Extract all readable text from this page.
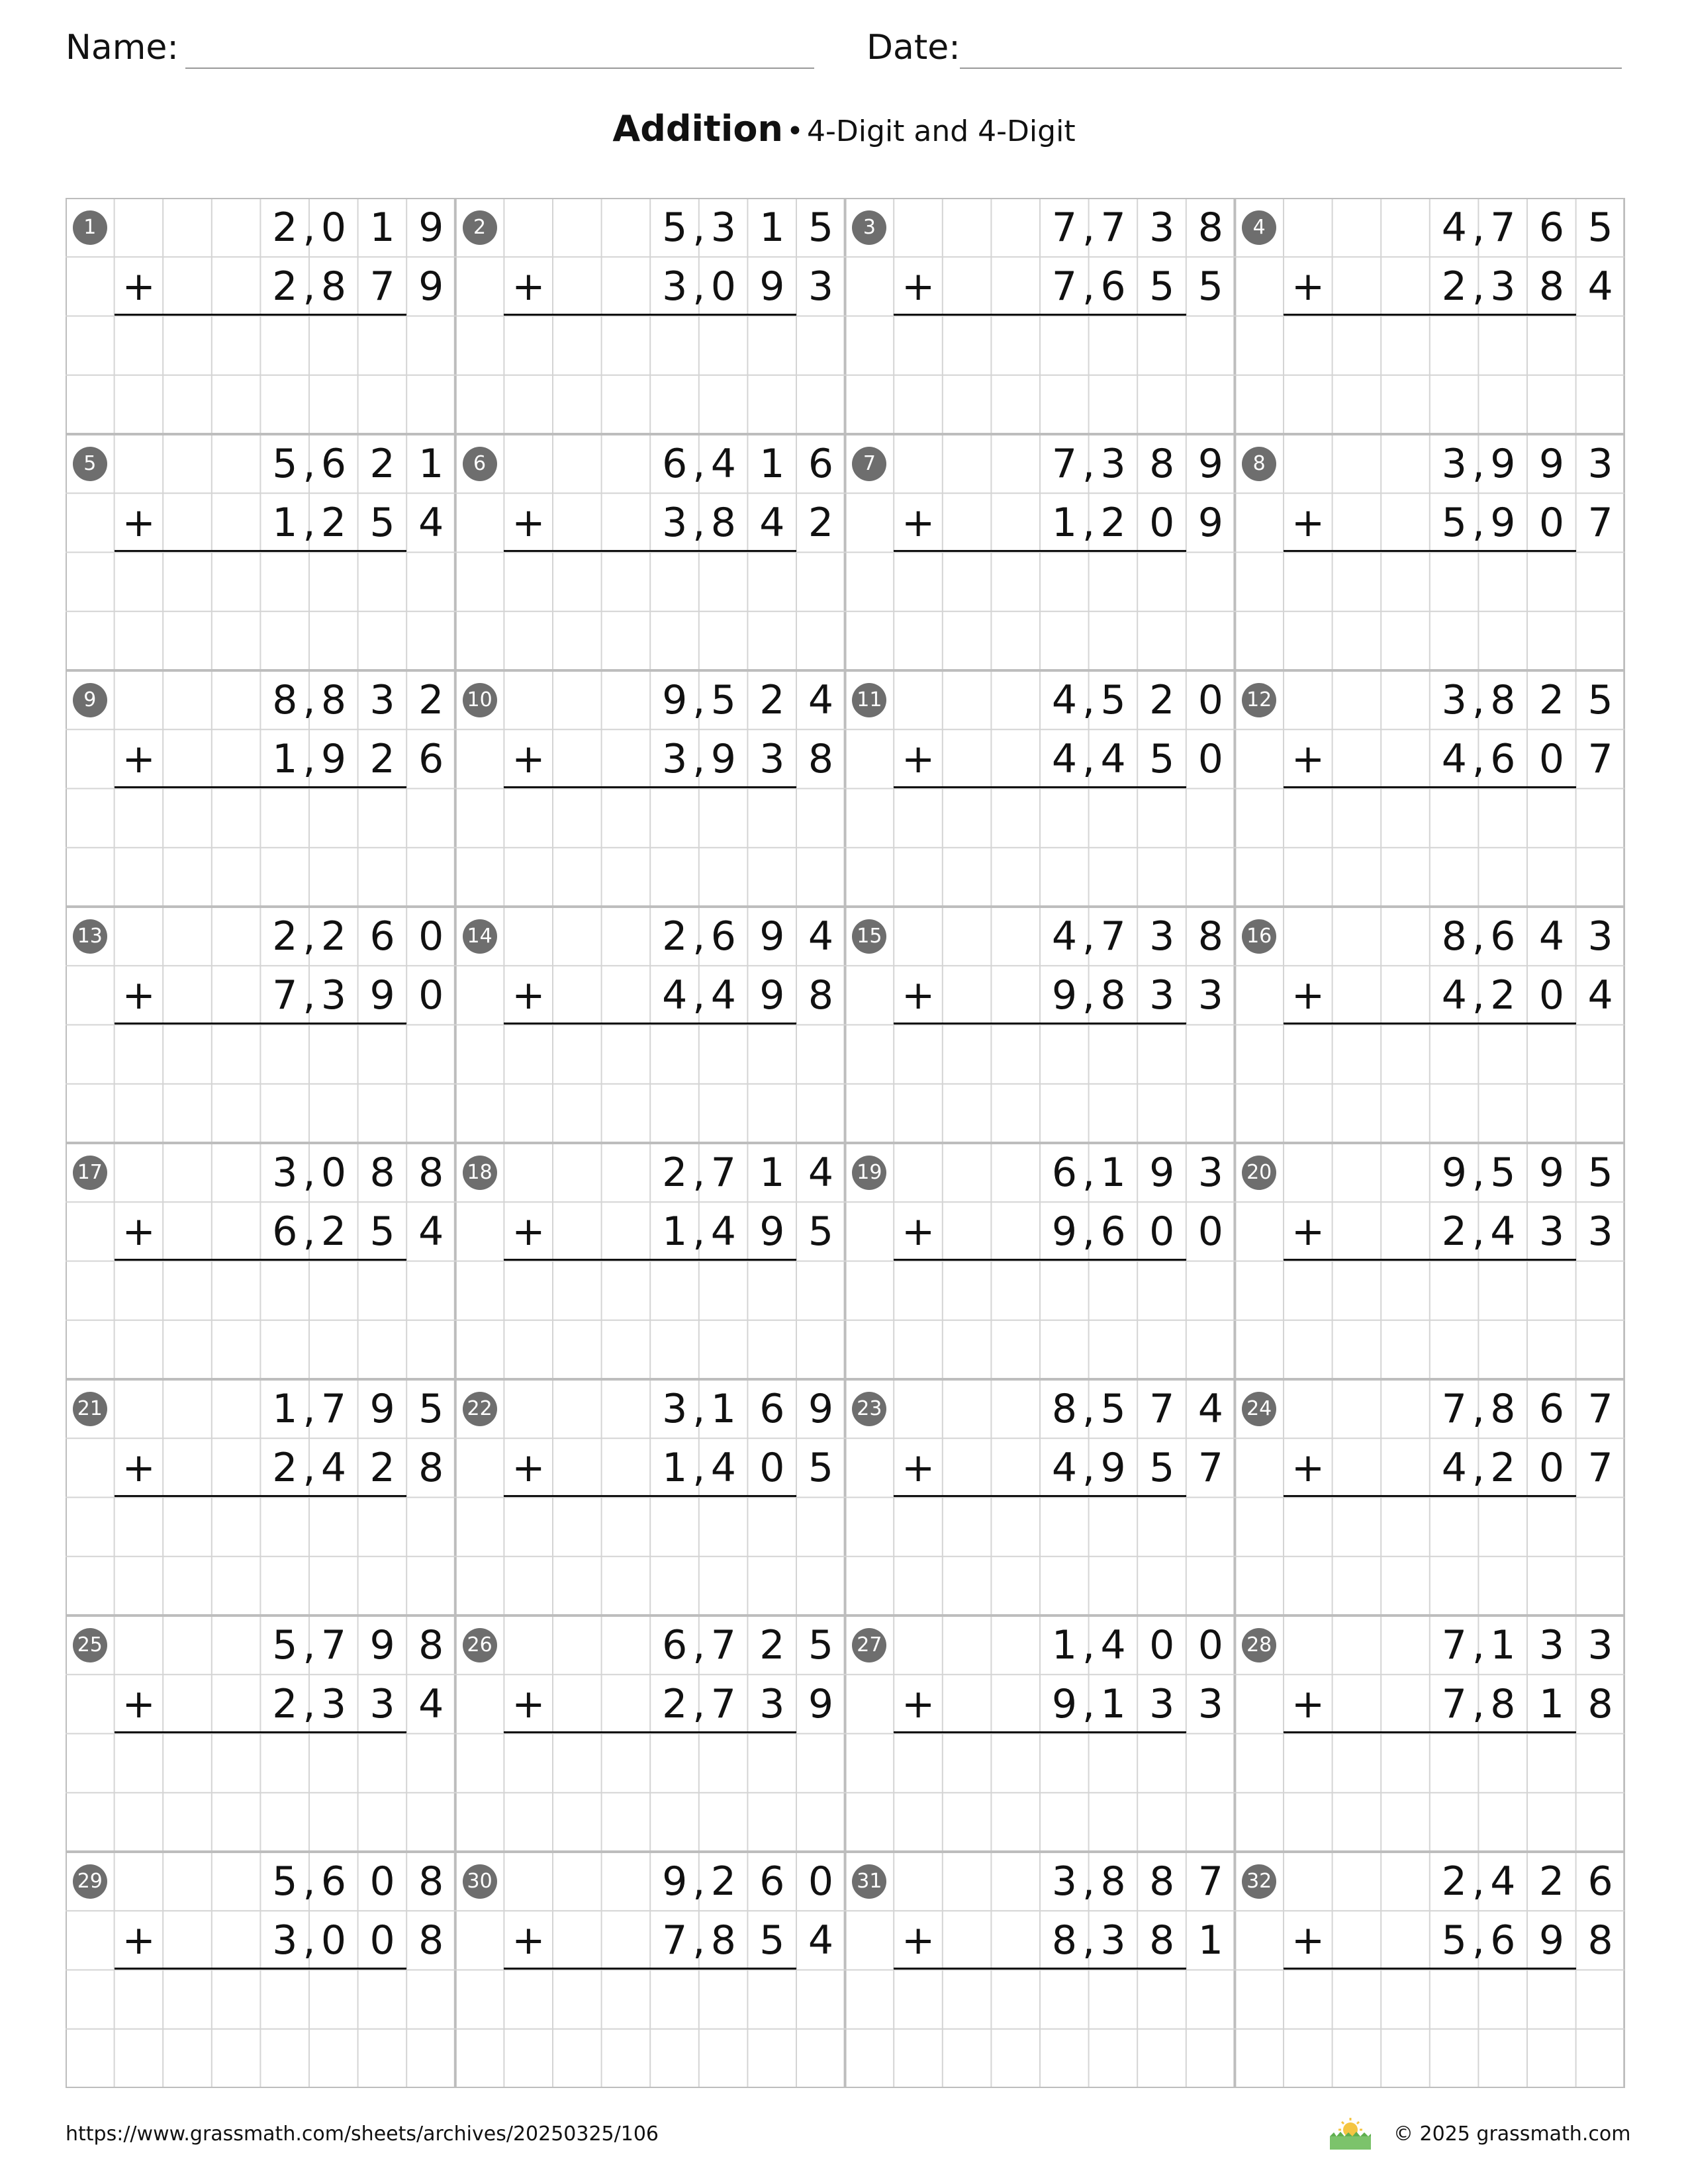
Name:	Date:
Addition • 4-Digit and 4-Digit
1	2 0 1 9
,
2 8 7 9
,
+
2	5 3 1 5
,
3 0 9 3
,
+
3	7 7 3 8
,
7 6 5 5
,
+
4	4 7 6 5
,
2 3 8 4
,
+
5	5 6 2 1
,
1 2 5 4
,
+
6	6 4 1 6
,
3 8 4 2
,
+
7	7 3 8 9
,
1 2 0 9
,
+
8	3 9 9 3
,
5 9 0 7
,
+
9	8 8 3 2
,
1 9 2 6
,
+
10	9 5 2 4
,
3 9 3 8
,
+
11	4 5 2 0
,
4 4 5 0
,
+
12	3 8 2 5
,
4 6 0 7
,
+
13	2 2 6 0
,
7 3 9 0
,
+
14	2 6 9 4
,
4 4 9 8
,
+
15	4 7 3 8
,
9 8 3 3
,
+
16	8 6 4 3
,
4 2 0 4
,
+
17	3 0 8 8
,
6 2 5 4
,
+
18	2 7 1 4
,
1 4 9 5
,
+
19	6 1 9 3
,
9 6 0 0
,
+
20	9 5 9 5
,
2 4 3 3
,
+
21	1 7 9 5
,
2 4 2 8
,
+
22	3 1 6 9
,
1 4 0 5
,
+
23	8 5 7 4
,
4 9 5 7
,
+
24	7 8 6 7
,
4 2 0 7
,
+
25	5 7 9 8
,
2 3 3 4
,
+
26	6 7 2 5
,
2 7 3 9
,
+
27	1 4 0 0
,
9 1 3 3
,
+
28	7 1 3 3
,
7 8 1 8
,
+
29	5 6 0 8
,
3 0 0 8
,
+
30	9 2 6 0
,
7 8 5 4
,
+
31	3 8 8 7
,
8 3 8 1
,
+
32	2 4 2 6
,
5 6 9 8
,
+
https://www.grassmath.com/sheets/archives/20250325/106	© 2025 grassmath.com
